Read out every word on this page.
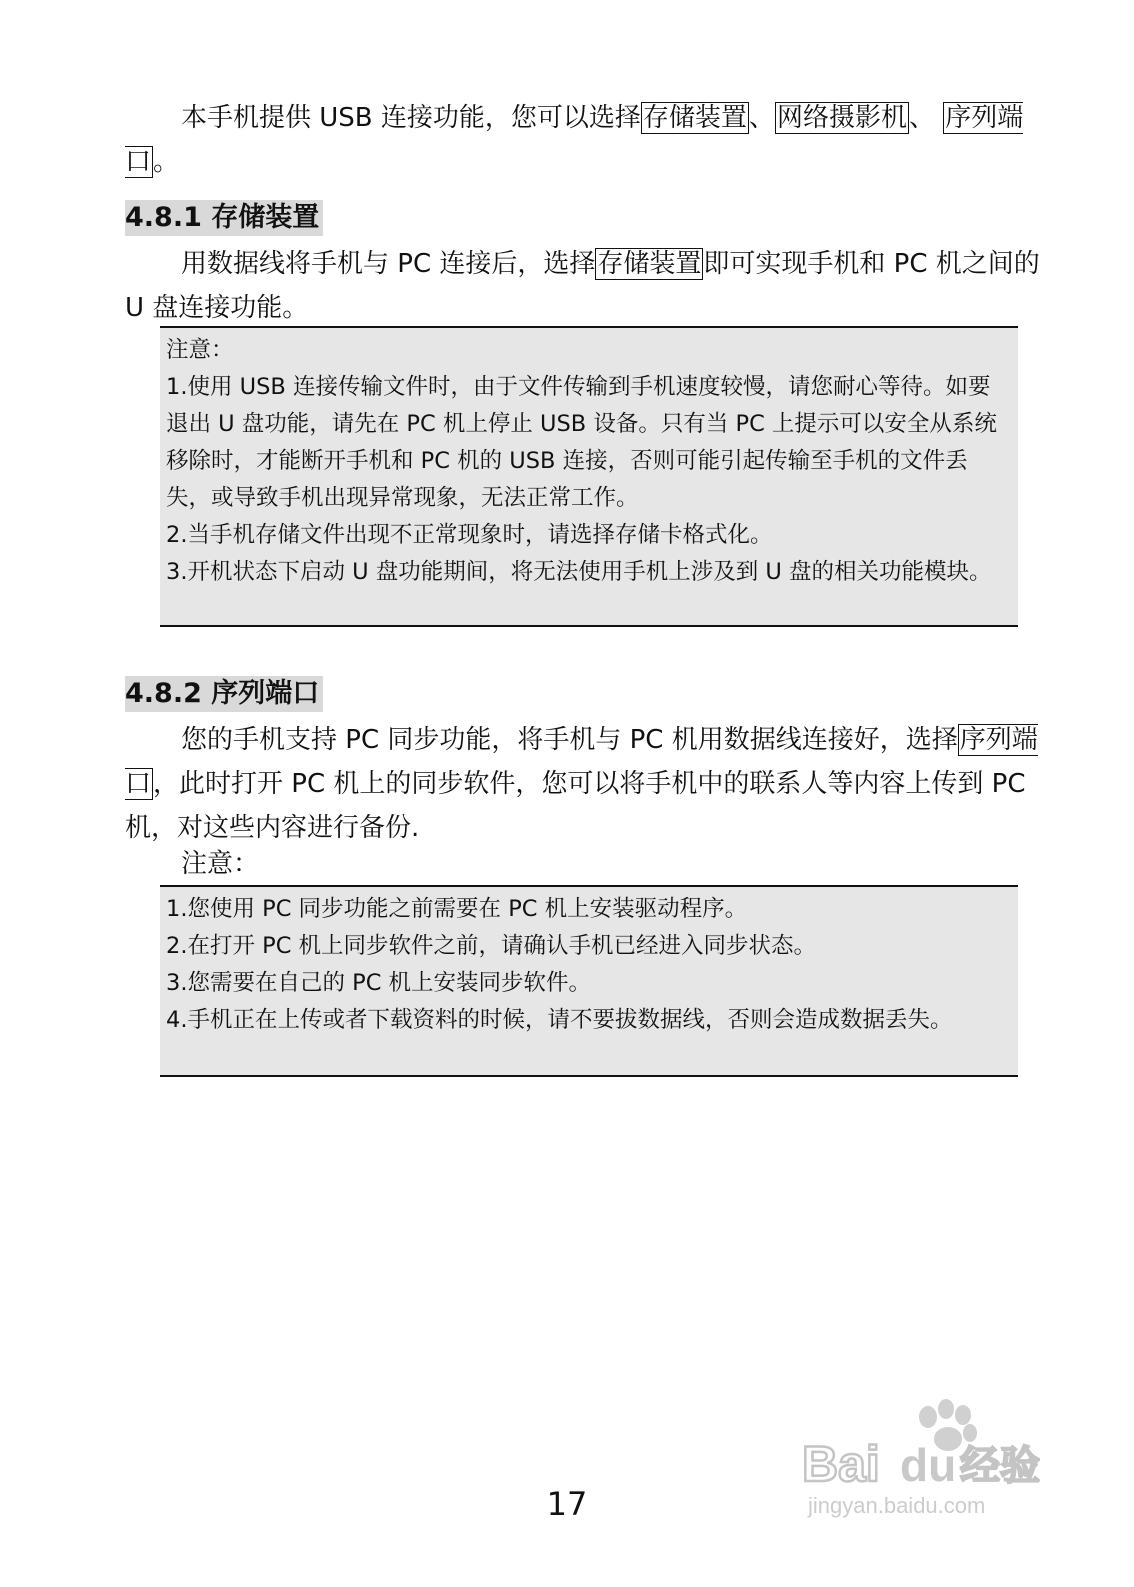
本手机提供 USB 连接功能，您可以选择存储装置、网络摄影机、 序列端口。

4.8.1 存储装置

用数据线将手机与 PC 连接后，选择存储装置即可实现手机和 PC 机之间的 U 盘连接功能。

注意：

1.使用 USB 连接传输文件时，由于文件传输到手机速度较慢，请您耐心等待。如要退出 U 盘功能，请先在 PC 机上停止 USB 设备。只有当 PC 上提示可以安全从系统移除时，才能断开手机和 PC 机的 USB 连接，否则可能引起传输至手机的文件丢失，或导致手机出现异常现象，无法正常工作。

2.当手机存储文件出现不正常现象时，请选择存储卡格式化。

3.开机状态下启动 U 盘功能期间，将无法使用手机上涉及到 U 盘的相关功能模块。

4.8.2 序列端口

您的手机支持 PC 同步功能，将手机与 PC 机用数据线连接好，选择序列端口，此时打开 PC 机上的同步软件，您可以将手机中的联系人等内容上传到 PC 机，对这些内容进行备份.

注意：

1.您使用 PC 同步功能之前需要在 PC 机上安装驱动程序。

2.在打开 PC 机上同步软件之前，请确认手机已经进入同步状态。

3.您需要在自己的 PC 机上安装同步软件。

4.手机正在上传或者下载资料的时候，请不要拔数据线，否则会造成数据丢失。

Bai du 经验
jingyan.baidu.com

17
